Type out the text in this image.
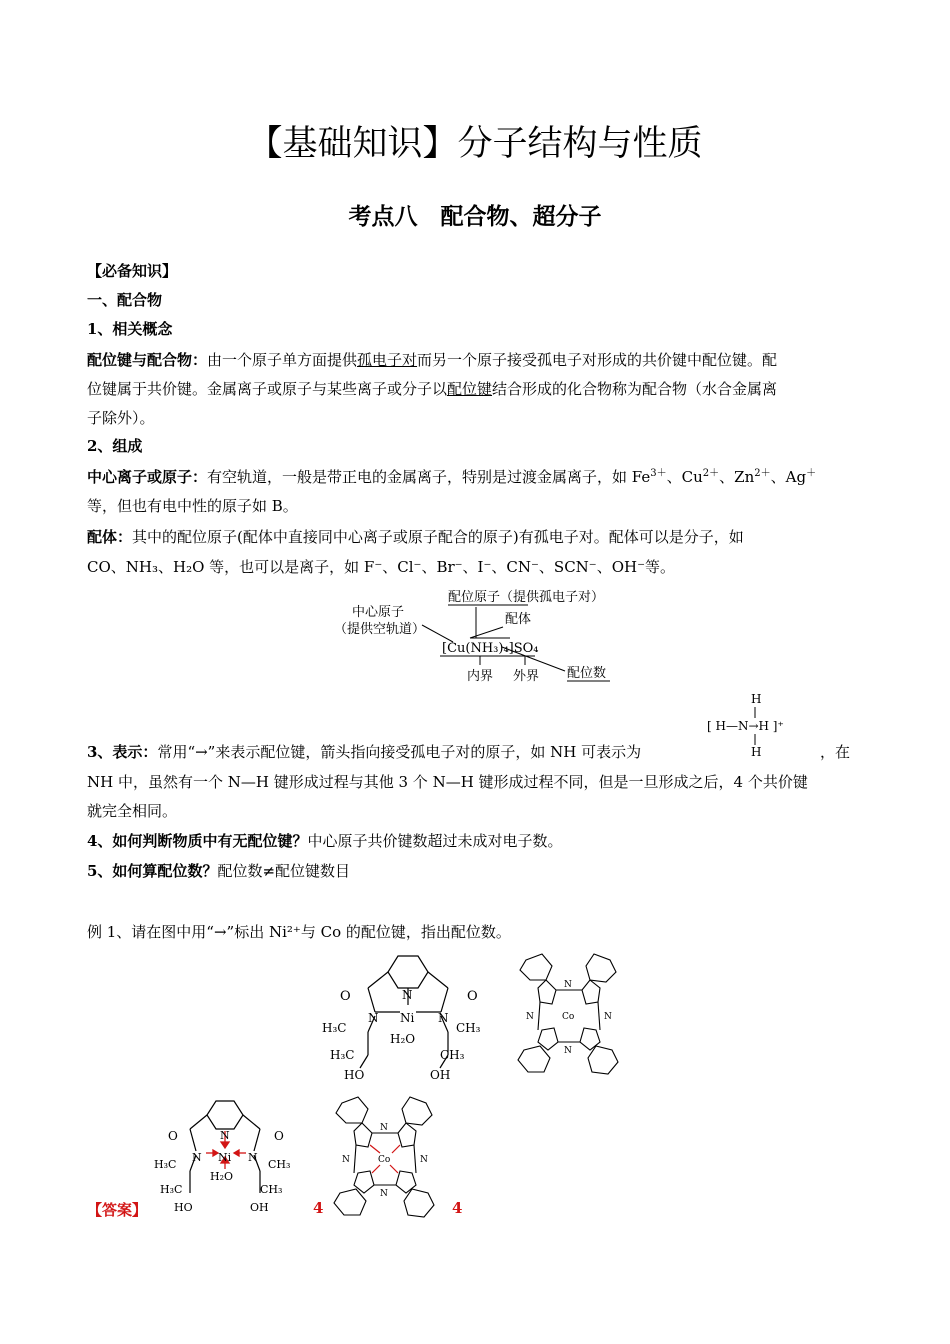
【基础知识】分子结构与性质
考点八　配合物、超分子
【必备知识】
一、配合物
1、相关概念
配位键与配合物：由一个原子单方面提供孤电子对而另一个原子接受孤电子对形成的共价键中配位键。配
位键属于共价键。金属离子或原子与某些离子或分子以配位键结合形成的化合物称为配合物（水合金属离
子除外）。
2、组成
中心离子或原子：有空轨道，一般是带正电的金属离子，特别是过渡金属离子，如 $Fe^{3+}$、$Cu^{2+}$、$Zn^{2+}$、Ag＋
等，但也有电中性的原子如 B。
配体：其中的配位原子(配体中直接同中心离子或原子配合的原子)有孤电子对。配体可以是分子，如
CO、NH₃、H₂O 等，也可以是离子，如 F⁻、Cl⁻、Br⁻、I⁻、CN⁻、SCN⁻、OH⁻等。
中心原子
（提供空轨道）
配位原子（提供孤电子对）
配体
[Cu(NH₃)₄]SO₄
内界 外界 配位数
H
[ H—N→H ]⁺
H
3、表示：常用“→”来表示配位键，箭头指向接受孤电子对的原子，如 NH 可表示为	，在
NH 中，虽然有一个 N—H 键形成过程与其他 3 个 N—H 键形成过程不同，但是一旦形成之后，4 个共价键
就完全相同。
4、如何判断物质中有无配位键？中心原子共价键数超过未成对电子数。
5、如何算配位数？配位数≠配位键数目
例 1、请在图中用“→”标出 Ni²⁺与 Co 的配位键，指出配位数。
O	O
N
N	N
Ni
H₂O
H₃C	CH₃
H₃C	CH₃
HO	OH
N
N	N
N
Co
O	O
N
N	N
Ni
H₂O
H₃C	CH₃
H₃C	CH₃
HO	OH
N
N	N
N
Co
【答案】	4	4
